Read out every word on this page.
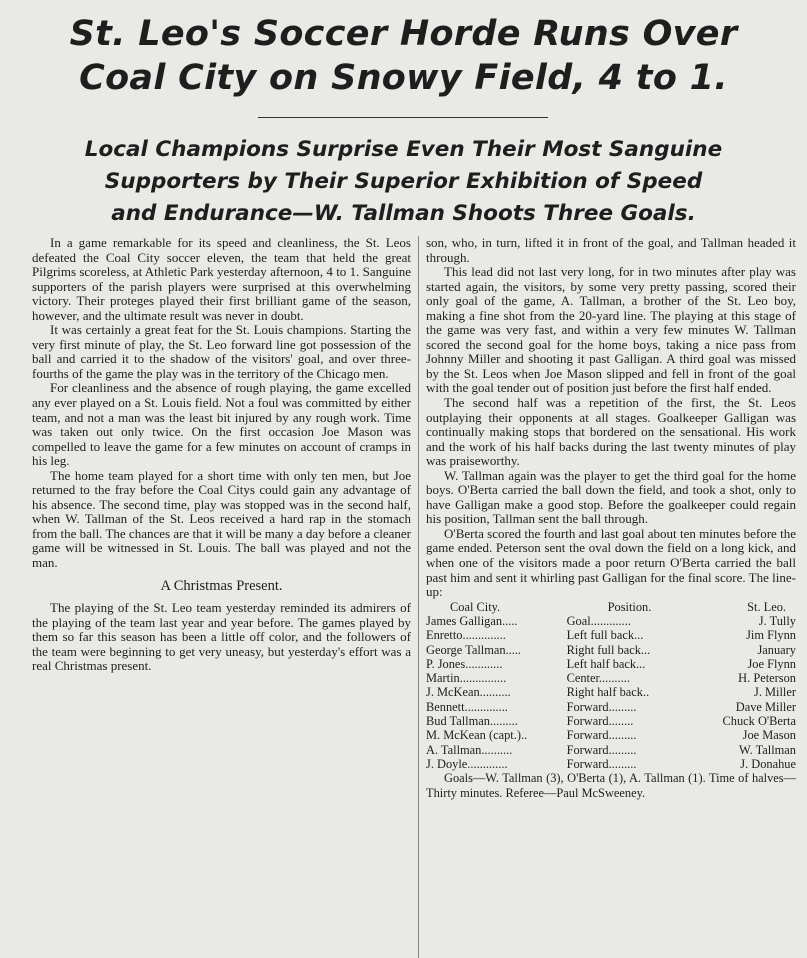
St. Leo's Soccer Horde Runs Over
Coal City on Snowy Field, 4 to 1.
Local Champions Surprise Even Their Most Sanguine
Supporters by Their Superior Exhibition of Speed
and Endurance—W. Tallman Shoots Three Goals.

In a game remarkable for its speed and cleanliness, the St. Leos defeated the Coal City soccer eleven, the team that held the great Pilgrims scoreless, at Athletic Park yesterday afternoon, 4 to 1. Sanguine supporters of the parish players were surprised at this overwhelming victory. Their proteges played their first brilliant game of the season, however, and the ultimate result was never in doubt.

It was certainly a great feat for the St. Louis champions. Starting the very first minute of play, the St. Leo forward line got possession of the ball and carried it to the shadow of the visitors' goal, and over three-fourths of the game the play was in the territory of the Chicago men.

For cleanliness and the absence of rough playing, the game excelled any ever played on a St. Louis field. Not a foul was committed by either team, and not a man was the least bit injured by any rough work. Time was taken out only twice. On the first occasion Joe Mason was compelled to leave the game for a few minutes on account of cramps in his leg.

The home team played for a short time with only ten men, but Joe returned to the fray before the Coal Citys could gain any advantage of his absence. The second time, play was stopped was in the second half, when W. Tallman of the St. Leos received a hard rap in the stomach from the ball. The chances are that it will be many a day before a cleaner game will be witnessed in St. Louis. The ball was played and not the man.

A Christmas Present.

The playing of the St. Leo team yesterday reminded its admirers of the playing of the team last year and year before. The games played by them so far this season has been a little off color, and the followers of the team were beginning to get very uneasy, but yesterday's effort was a real Christmas present.

son, who, in turn, lifted it in front of the goal, and Tallman headed it through.

This lead did not last very long, for in two minutes after play was started again, the visitors, by some very pretty passing, scored their only goal of the game, A. Tallman, a brother of the St. Leo boy, making a fine shot from the 20-yard line. The playing at this stage of the game was very fast, and within a very few minutes W. Tallman scored the second goal for the home boys, taking a nice pass from Johnny Miller and shooting it past Galligan. A third goal was missed by the St. Leos when Joe Mason slipped and fell in front of the goal with the goal tender out of position just before the first half ended.

The second half was a repetition of the first, the St. Leos outplaying their opponents at all stages. Goalkeeper Galligan was continually making stops that bordered on the sensational. His work and the work of his half backs during the last twenty minutes of play was praiseworthy.

W. Tallman again was the player to get the third goal for the home boys. O'Berta carried the ball down the field, and took a shot, only to have Galligan make a good stop. Before the goalkeeper could regain his position, Tallman sent the ball through.

O'Berta scored the fourth and last goal about ten minutes before the game ended. Peterson sent the oval down the field on a long kick, and when one of the visitors made a poor return O'Berta carried the ball past him and sent it whirling past Galligan for the final score. The line-up:

Coal City.	Position.	St. Leo.
James Galligan.....	Goal.............	J. Tully
Enretto..............	Left full back...	Jim Flynn
George Tallman.....	Right full back...	January
P. Jones............	Left half back...	Joe Flynn
Martin...............	Center..........	H. Peterson
J. McKean..........	Right half back..	J. Miller
Bennett..............	Forward.........	Dave Miller
Bud Tallman.........	Forward........	Chuck O'Berta
M. McKean (capt.)..	Forward.........	Joe Mason
A. Tallman..........	Forward.........	W. Tallman
J. Doyle.............	Forward.........	J. Donahue

Goals—W. Tallman (3), O'Berta (1), A. Tallman (1). Time of halves—Thirty minutes. Referee—Paul McSweeney.
